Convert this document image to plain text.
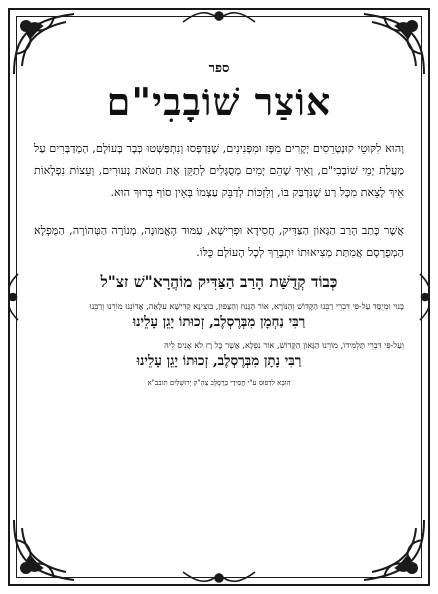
ספר
אוֹצַר שׁוֹבָבִי"ם

וְהוּא לִקּוּטֵי קוּנְטְרֵסִים יְקָרִים מִפָּז וּמִפְּנִינִים, שֶׁנִּדְפְּסוּ וְנִתְפַּשְּׁטוּ כְּבָר בָּעוֹלָם, הַמְדַבְּרִים עַל מַעֲלַת יְמֵי שׁוֹבָבִי"ם, וְאֵיךְ שֶׁהֵם יָמִים מְסֻגָּלִים לְתַקֵּן אֶת חַטֹּאת נְעוּרִים, וְעֵצוֹת נִפְלָאוֹת אֵיךְ לָצֵאת מִכָּל רַע שֶׁנִּדְבַּק בּוֹ, וְלִזְכּוֹת לְדַבֵּק עַצְמוֹ בְּאֵין סוֹף בָּרוּךְ הוּא.

אֲשֶׁר כָּתַב הָרַב הַגָּאוֹן הַצַּדִּיק, חֲסִידָא וּפְרִישָׁא, עַמּוּד הָאֱמוּנָה, מְנוֹרָה הַטְּהוֹרָה, הַמֻּפְלָא הַמְפֻרְסָם אֲמִתַּת מְצִיאוּתוֹ יִתְבָּרֵךְ לְכָל הָעוֹלָם כֻּלּוֹ.

כְּבוֹד קְדֻשַּׁת הָרַב הַצַּדִּיק מוֹהֲרָא"שׁ זצ"ל

בָּנוּי וּמְיֻסָּד עַל-פִּי דִּבְרֵי רַבֵּנוּ הַקָּדוֹשׁ וְהַנּוֹרָא, אוֹר הַגָּנוּז וְהַצָּפוּן, בּוּצִינָא קַדִּישָׁא עִלָּאָה, אֲדוֹנֵנוּ מוֹרֵנוּ וְרַבֵּנוּ

רַבִּי נַחְמָן מִבְּרֶסְלֶב, זְכוּתוֹ יָגֵן עָלֵינוּ

וְעַל-פִּי דִּבְרֵי תַּלְמִידוֹ, מוֹרֵנוּ הַגָּאוֹן הַקָּדוֹשׁ, אוֹר נִפְלָא, אֲשֶׁר כָּל רָז לֹא אָנִיס לֵיהּ

רַבִּי נָתָן מִבְּרֶסְלֶב, זְכוּתוֹ יָגֵן עָלֵינוּ
הוּבָא לִדְפוּס ע"י חֲסִידֵי בְּרֶסְלֶב צְהָ"ק יְרוּשָׁלַיִם תובב"א
